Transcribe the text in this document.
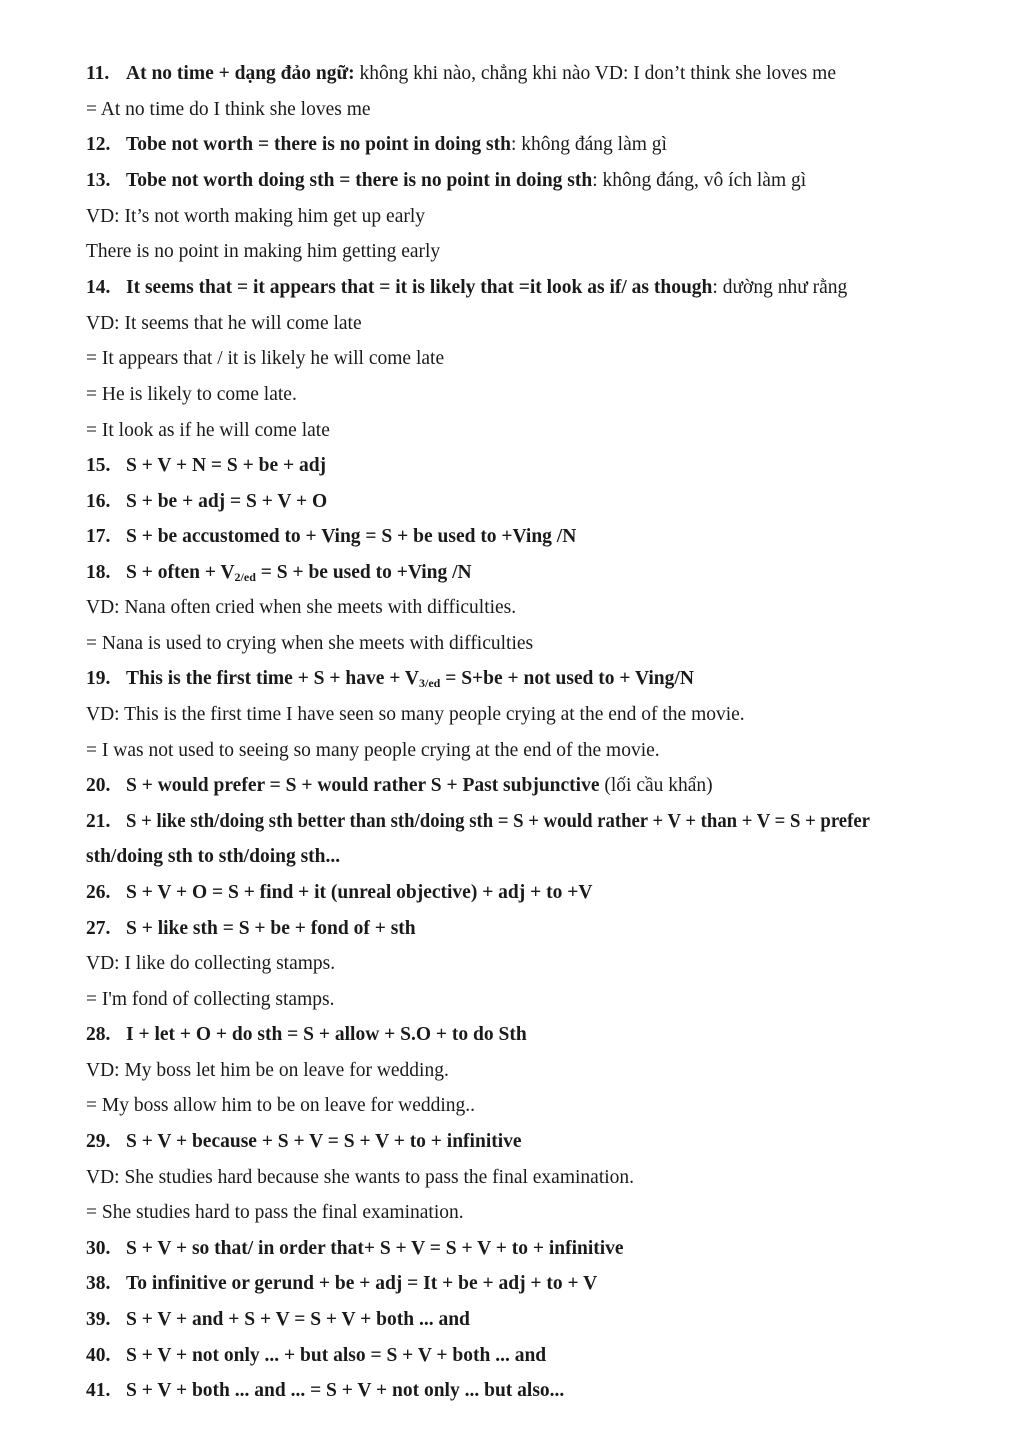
11. At no time + dạng đảo ngữ: không khi nào, chẳng khi nào VD: I don’t think she loves me
= At no time do I think she loves me
12. Tobe not worth = there is no point in doing sth: không đáng làm gì
13. Tobe not worth doing sth = there is no point in doing sth: không đáng, vô ích làm gì
VD: It’s not worth making him get up early
There is no point in making him getting early
14. It seems that = it appears that = it is likely that =it look as if/ as though: dường như rằng
VD: It seems that he will come late
= It appears that / it is likely he will come late
= He is likely to come late.
= It look as if he will come late
15. S + V + N = S + be + adj
16. S + be + adj = S + V + O
17. S + be accustomed to + Ving = S + be used to +Ving /N
18. S + often + $V_{2/ed} = S$ + be used to +Ving /N
VD: Nana often cried when she meets with difficulties.
= Nana is used to crying when she meets with difficulties
19. This is the first time + S + have + $V_{3/ed} = S+be$ + not used to + Ving/N
VD: This is the first time I have seen so many people crying at the end of the movie.
= I was not used to seeing so many people crying at the end of the movie.
20. S + would prefer = S + would rather S + Past subjunctive (lối cầu khẩn)
21. S + like sth/doing sth better than sth/doing sth = S + would rather + V + than + V = S + prefer
sth/doing sth to sth/doing sth...
26. S + V + O = S + find + it (unreal objective) + adj + to +V
27. S + like sth = S + be + fond of + sth
VD: I like do collecting stamps.
= I'm fond of collecting stamps.
28. I + let + O + do sth = S + allow + S.O + to do Sth
VD: My boss let him be on leave for wedding.
= My boss allow him to be on leave for wedding..
29. S + V + because + S + V = S + V + to + infinitive
VD: She studies hard because she wants to pass the final examination.
= She studies hard to pass the final examination.
30. S + V + so that/ in order that+ S + V = S + V + to + infinitive
38. To infinitive or gerund + be + adj = It + be + adj + to + V
39. S + V + and + S + V = S + V + both ... and
40. S + V + not only ... + but also = S + V + both ... and
41. S + V + both ... and ... = S + V + not only ... but also...
